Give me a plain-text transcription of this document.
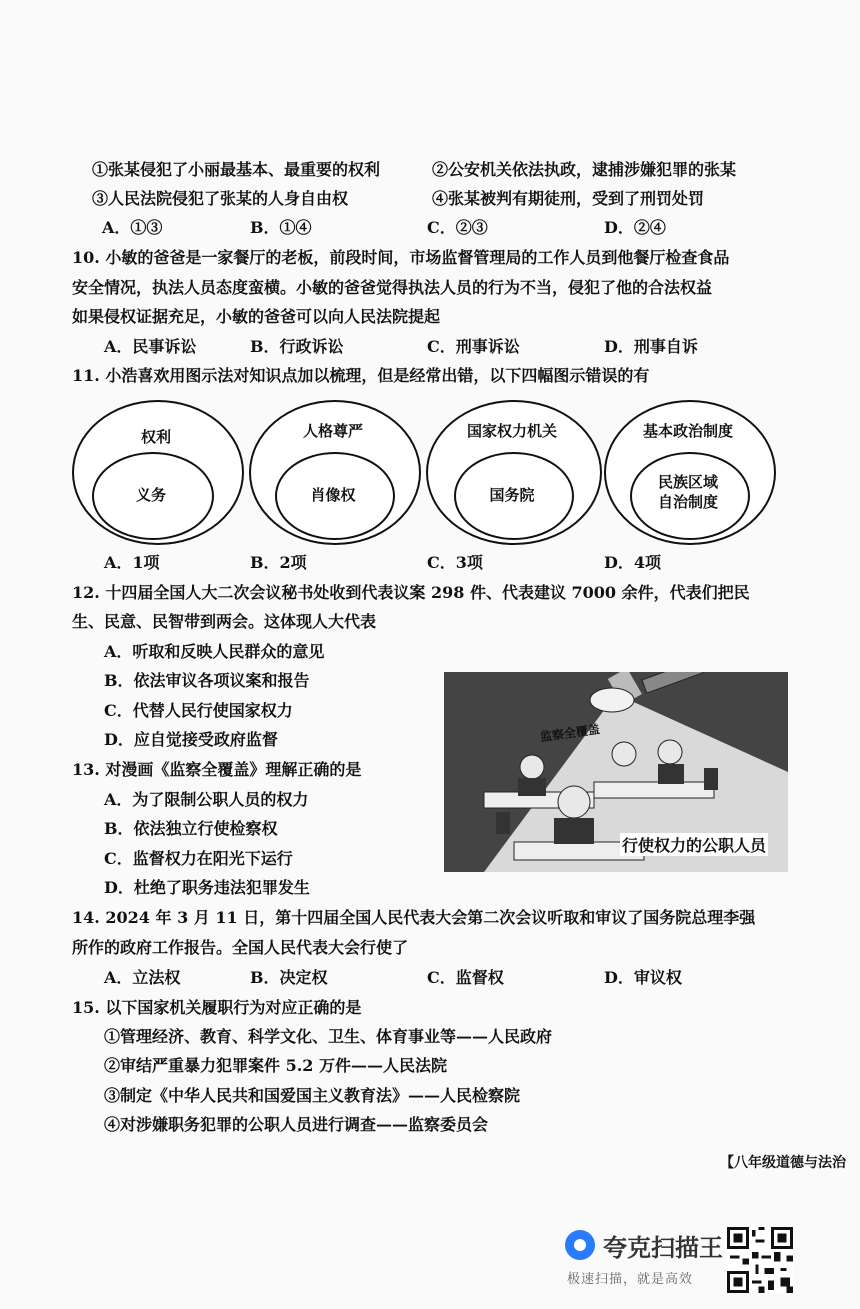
①张某侵犯了小丽最基本、最重要的权利	②公安机关依法执政，逮捕涉嫌犯罪的张某
③人民法院侵犯了张某的人身自由权	④张某被判有期徒刑，受到了刑罚处罚
A．①③	B．①④	C．②③	D．②④
10. 小敏的爸爸是一家餐厅的老板，前段时间，市场监督管理局的工作人员到他餐厅检查食品
安全情况，执法人员态度蛮横。小敏的爸爸觉得执法人员的行为不当，侵犯了他的合法权益
如果侵权证据充足，小敏的爸爸可以向人民法院提起
A．民事诉讼	B．行政诉讼	C．刑事诉讼	D．刑事自诉
11. 小浩喜欢用图示法对知识点加以梳理，但是经常出错，以下四幅图示错误的有
权利
义务
人格尊严
肖像权
国家权力机关
国务院
基本政治制度
民族区域
自治制度
A．1项	B．2项	C．3项	D．4项
12. 十四届全国人大二次会议秘书处收到代表议案 298 件、代表建议 7000 余件，代表们把民
生、民意、民智带到两会。这体现人大代表
A．听取和反映人民群众的意见
B．依法审议各项议案和报告
C．代替人民行使国家权力
D．应自觉接受政府监督
13. 对漫画《监察全覆盖》理解正确的是
A．为了限制公职人员的权力
B．依法独立行使检察权
C．监督权力在阳光下运行
D．杜绝了职务违法犯罪发生
监察全覆盖
行使权力的公职人员
14. 2024 年 3 月 11 日，第十四届全国人民代表大会第二次会议听取和审议了国务院总理李强
所作的政府工作报告。全国人民代表大会行使了
A．立法权	B．决定权	C．监督权	D．审议权
15. 以下国家机关履职行为对应正确的是
①管理经济、教育、科学文化、卫生、体育事业等——人民政府
②审结严重暴力犯罪案件 5.2 万件——人民法院
③制定《中华人民共和国爱国主义教育法》——人民检察院
④对涉嫌职务犯罪的公职人员进行调查——监察委员会
【八年级道德与法治
夸克扫描王
极速扫描，就是高效
